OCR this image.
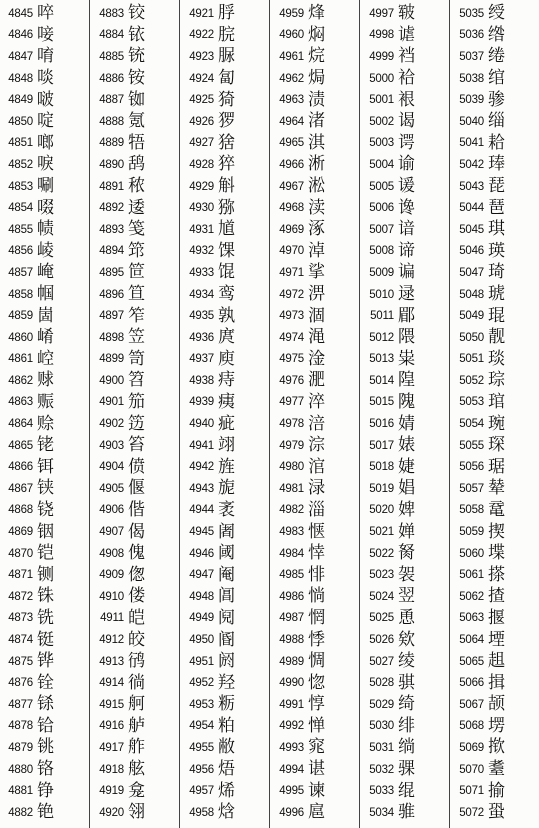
4845 啐
4846 唼
4847 唷
4848 啖
4849 啵
4850 啶
4851 啷
4852 唳
4853 唰
4854 啜
4855 帻
4856 崚
4857 崦
4858 帼
4859 崮
4860 崤
4861 崆
4862 赇
4863 赈
4864 赊
4865 铑
4866 铒
4867 铗
4868 铙
4869 铟
4870 铠
4871 铡
4872 铢
4873 铣
4874 铤
4875 铧
4876 铨
4877 铩
4878 铪
4879 铫
4880 铬
4881 铮
4882 铯
4883 铰
4884 铱
4885 铳
4886 铵
4887 铷
4888 氪
4889 牾
4890 鸹
4891 秾
4892 逶
4893 笺
4894 筇
4895 笸
4896 笪
4897 笮
4898 笠
4899 笥
4900 笤
4901 笳
4902 笾
4903 笞
4904 偾
4905 偃
4906 偕
4907 偈
4908 傀
4909 偬
4910 偻
4911 皑
4912 皎
4913 鸻
4914 徜
4915 舸
4916 舻
4917 舴
4918 舷
4919 龛
4920 翎
4921 脬
4922 脘
4923 脲
4924 匐
4925 猗
4926 猡
4927 猞
4928 猝
4929 斛
4930 猕
4931 馗
4932 馃
4933 馄
4934 鸾
4935 孰
4936 庹
4937 庾
4938 痔
4939 痍
4940 疵
4941 翊
4942 旌
4943 旎
4944 袤
4945 阇
4946 阈
4947 阉
4948 阊
4949 阋
4950 阍
4951 阏
4952 羟
4953 粝
4954 粕
4955 敝
4956 焐
4957 烯
4958 焓
4959 烽
4960 焖
4961 烷
4962 焗
4963 渍
4964 渚
4965 淇
4966 淅
4967 淞
4968 渎
4969 涿
4970 淖
4971 挲
4972 淠
4973 涸
4974 渑
4975 淦
4976 淝
4977 淬
4978 涪
4979 淙
4980 涫
4981 渌
4982 淄
4983 惬
4984 悻
4985 悱
4986 惝
4987 惘
4988 悸
4989 惆
4990 惚
4991 惇
4992 惮
4993 窕
4994 谌
4995 谏
4996 扈
4997 皲
4998 谑
4999 裆
5000 袷
5001 裉
5002 谒
5003 谔
5004 谕
5005 谖
5006 谗
5007 谙
5008 谛
5009 谝
5010 逯
5011 郿
5012 隈
5013 粜
5014 隍
5015 隗
5016 婧
5017 婊
5018 婕
5019 娼
5020 婢
5021 婵
5022 胬
5023 袈
5024 翌
5025 恿
5026 欸
5027 绫
5028 骐
5029 绮
5030 绯
5031 绱
5032 骒
5033 绲
5034 骓
5035 绶
5036 绺
5037 绻
5038 绾
5039 骖
5040 缁
5041 耠
5042 琫
5043 琵
5044 琶
5045 琪
5046 瑛
5047 琦
5048 琥
5049 琨
5050 靓
5051 琰
5052 琮
5053 琯
5054 琬
5055 琛
5056 琚
5057 辇
5058 鼋
5059 揳
5060 堞
5061 搽
5062 揸
5063 揠
5064 堙
5065 趄
5066 揖
5067 颉
5068 塄
5069 揿
5070 耋
5071 揄
5072 蛩
